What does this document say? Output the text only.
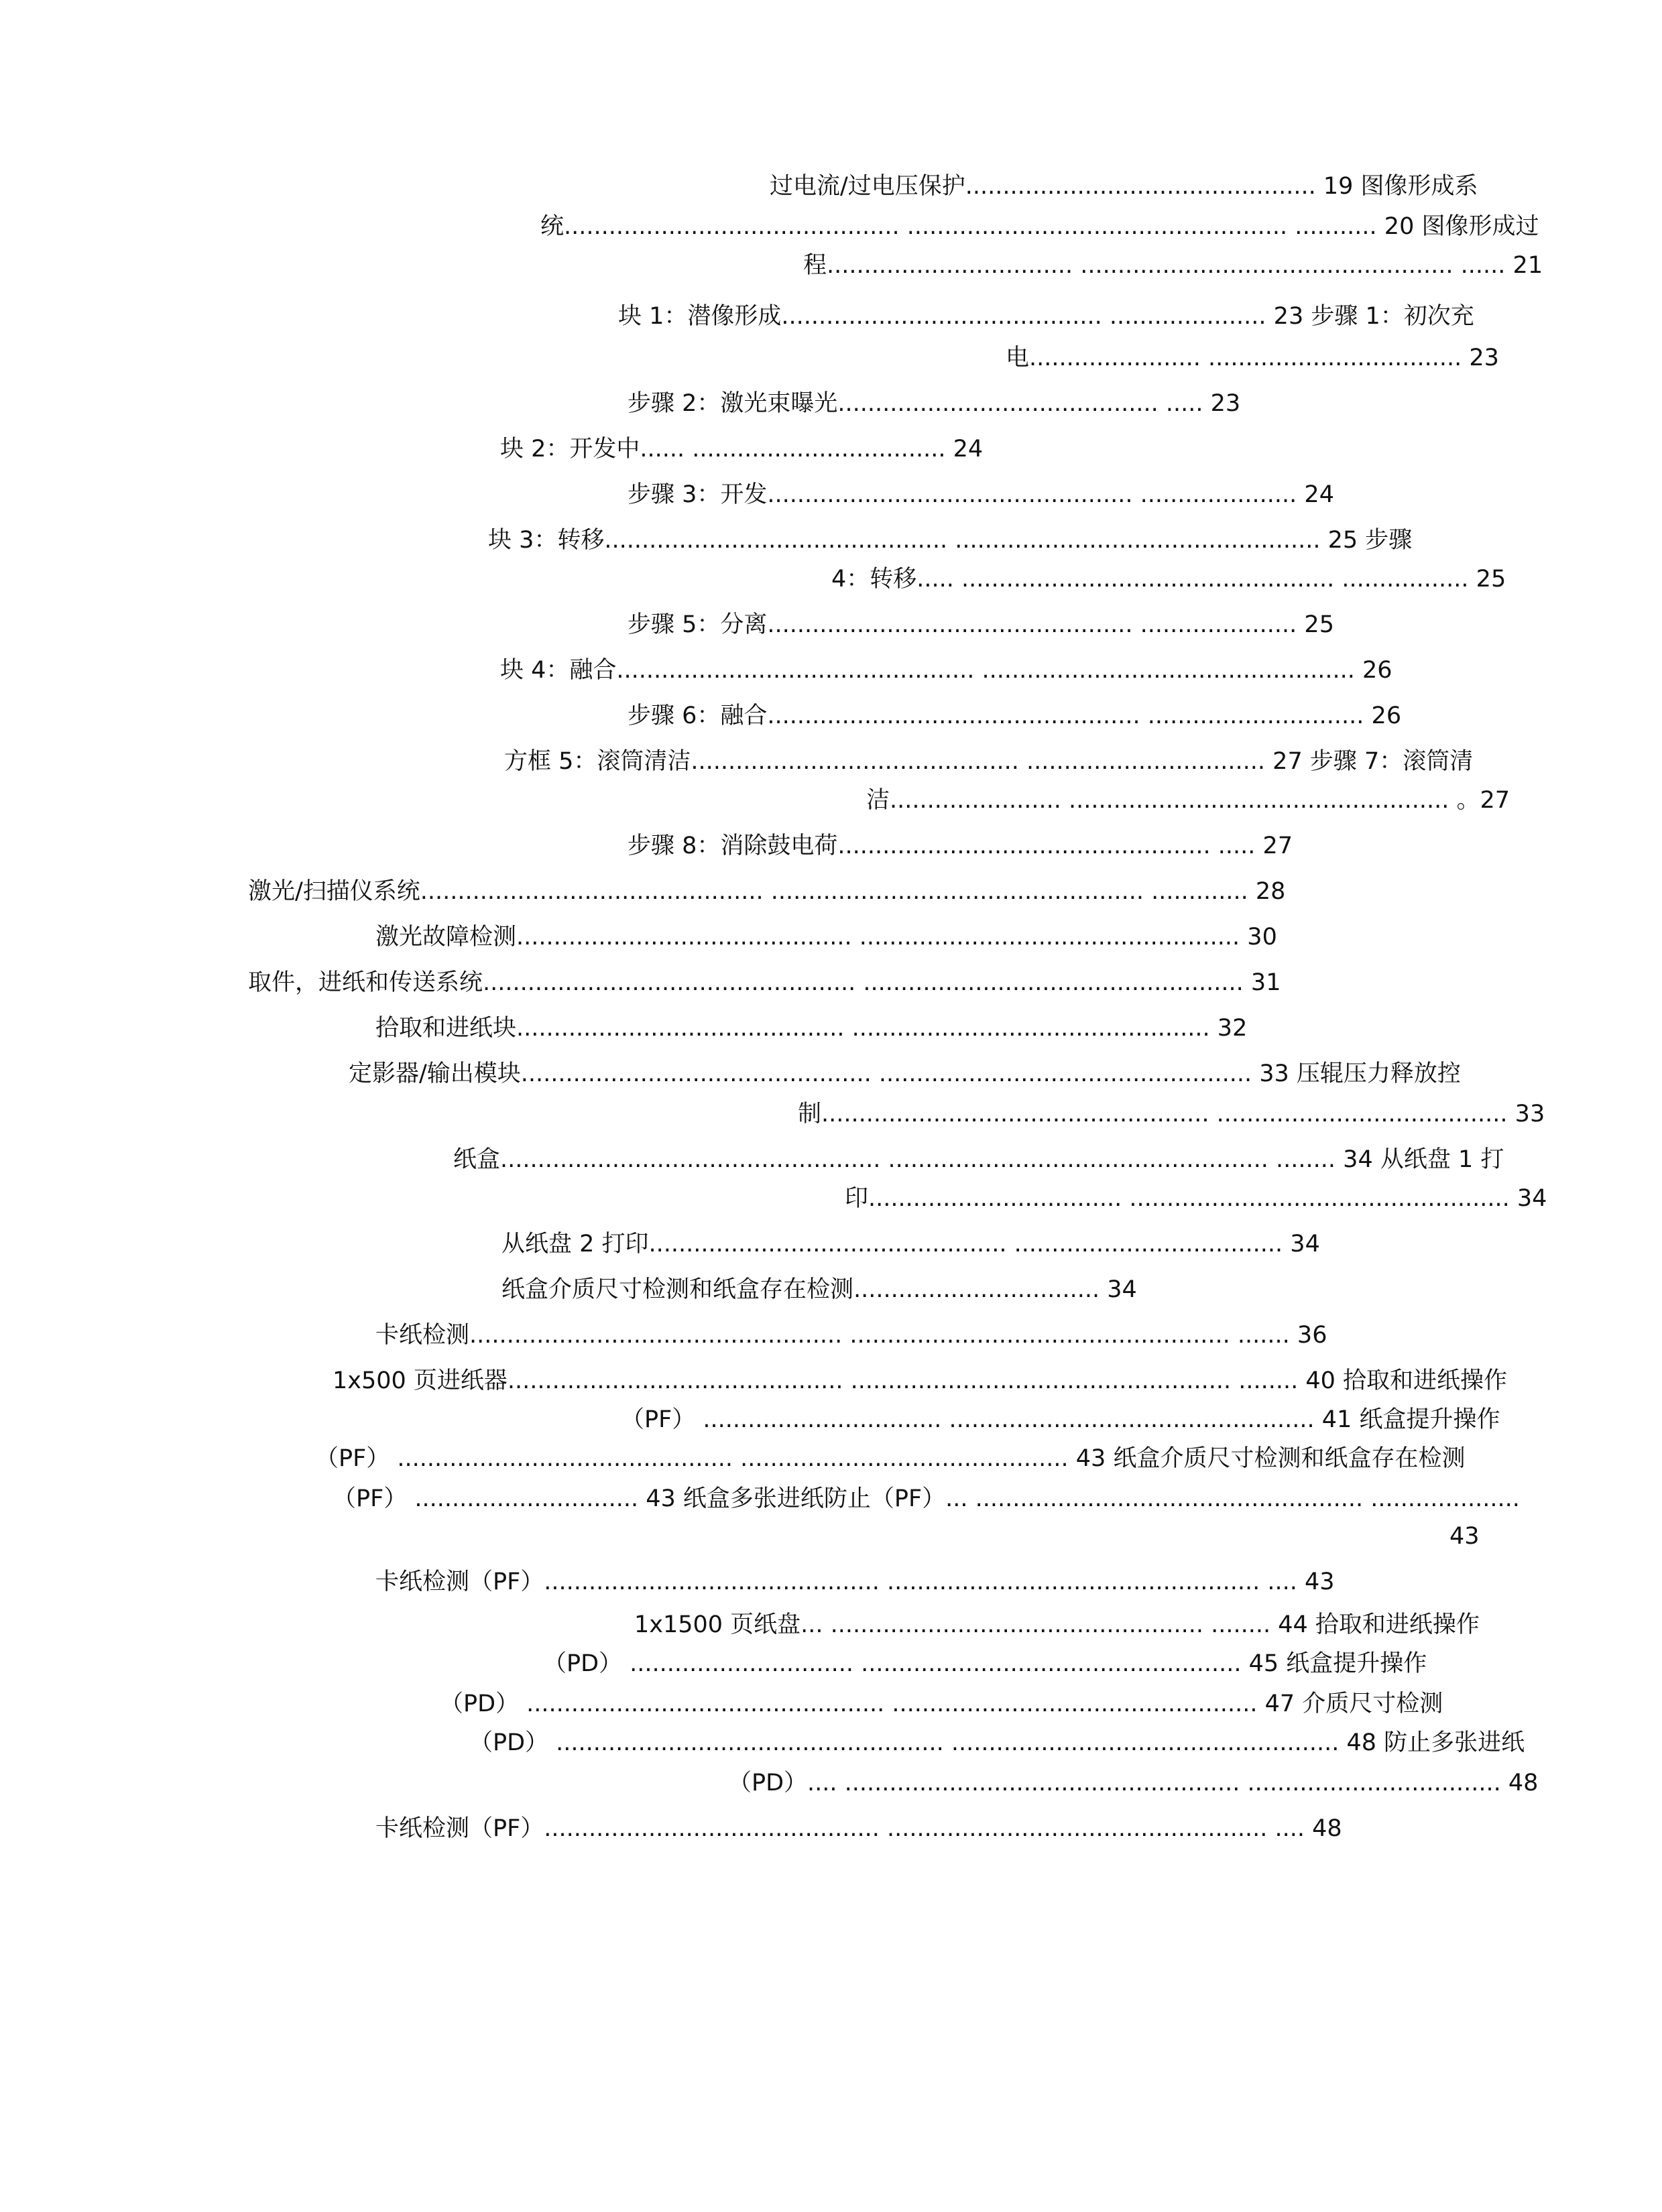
过电流/过电压保护............................................... 19 图像形成系
统............................................. ................................................... ........... 20 图像形成过
程................................. .................................................. ...... 21
块 1：潜像形成........................................... ..................... 23 步骤 1：初次充
电....................... .................................. 23
步骤 2：激光束曝光........................................... ..... 23
块 2：开发中...... .................................. 24
步骤 3：开发................................................. ..................... 24
块 3：转移.............................................. ................................................. 25 步骤
4：转移..... .................................................. ................. 25
步骤 5：分离................................................. ..................... 25
块 4：融合................................................ .................................................. 26
步骤 6：融合.................................................. ............................. 26
方框 5：滚筒清洁............................................ ................................ 27 步骤 7：滚筒清
洁....................... ................................................... 。27
步骤 8：消除鼓电荷.................................................. ..... 27
激光/扫描仪系统.............................................. .................................................. ............. 28
激光故障检测............................................. ................................................... 30
取件，进纸和传送系统.................................................. ................................................... 31
拾取和进纸块............................................ ................................................ 32
定影器/输出模块............................................... .................................................. 33 压辊压力释放控
制.................................................... ....................................... 33
纸盒................................................... ................................................... ........ 34 从纸盘 1 打
印.................................. ................................................... 34
从纸盘 2 打印................................................ .................................... 34
纸盒介质尺寸检测和纸盒存在检测................................. 34
卡纸检测.................................................. ................................................... ....... 36
1x500 页进纸器............................................. ................................................... ........ 40 拾取和进纸操作
（PF） ................................ ................................................. 41 纸盒提升操作
（PF） ............................................. ............................................ 43 纸盒介质尺寸检测和纸盒存在检测
（PF） .............................. 43 纸盒多张进纸防止（PF）... .................................................... ....................
43
卡纸检测（PF）............................................. .................................................. .... 43
1x1500 页纸盘... .................................................. ........ 44 拾取和进纸操作
（PD） .............................. ................................................... 45 纸盒提升操作
（PD） ................................................ ................................................. 47 介质尺寸检测
（PD） .................................................... .................................................... 48 防止多张进纸
（PD）.... ..................................................... .................................. 48
卡纸检测（PF）............................................. ................................................... .... 48
